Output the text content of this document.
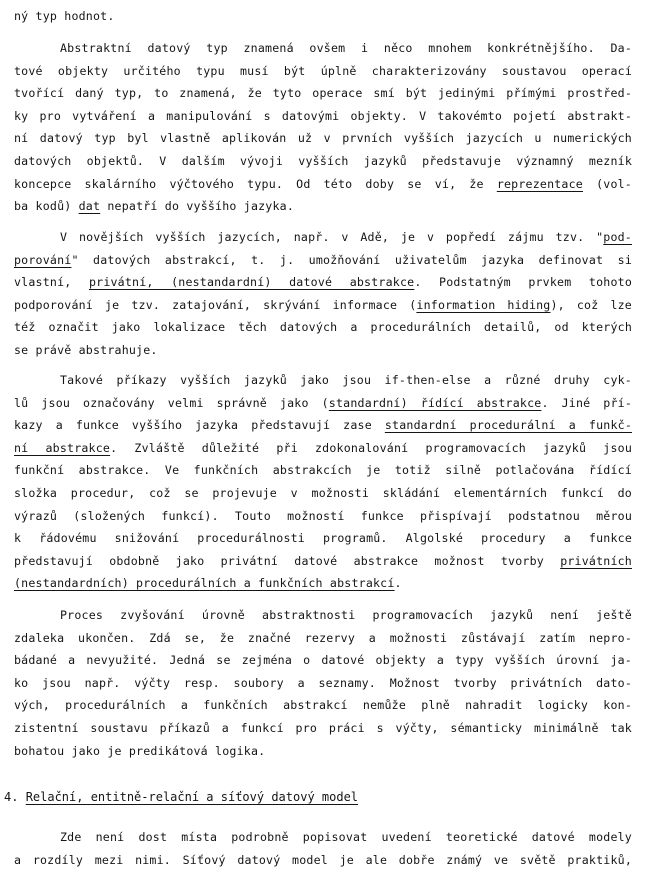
ný typ hodnot.

Abstraktní datový typ znamená ovšem i něco mnohem konkrétnějšího. Da-
tové objekty určitého typu musí být úplně charakterizovány soustavou operací
tvořící daný typ, to znamená, že tyto operace smí být jedinými přímými prostřed-
ky pro vytváření a manipulování s datovými objekty. V takovémto pojetí abstrakt-
ní datový typ byl vlastně aplikován už v prvních vyšších jazycích u numerických
datových objektů. V dalším vývoji vyšších jazyků představuje významný mezník
koncepce skalárního výčtového typu. Od této doby se ví, že reprezentace (vol-
ba kodů) dat nepatří do vyššího jazyka.

V novějších vyšších jazycích, např. v Adě, je v popředí zájmu tzv. "pod-
porování" datových abstrakcí, t. j. umožňování uživatelům jazyka definovat si
vlastní, privátní, (nestandardní) datové abstrakce. Podstatným prvkem tohoto
podporování je tzv. zatajování, skrývání informace (information hiding), což lze
též označit jako lokalizace těch datových a procedurálních detailů, od kterých
se právě abstrahuje.

Takové příkazy vyšších jazyků jako jsou if-then-else a různé druhy cyk-
lů jsou označovány velmi správně jako (standardní) řídící abstrakce. Jiné pří-
kazy a funkce vyššího jazyka představují zase standardní procedurální a funkč-
ní abstrakce. Zvláště důležité při zdokonalování programovacích jazyků jsou
funkční abstrakce. Ve funkčních abstrakcích je totiž silně potlačována řídící
složka procedur, což se projevuje v možnosti skládání elementárních funkcí do
výrazů (složených funkcí). Touto možností funkce přispívají podstatnou měrou
k řádovému snižování procedurálnosti programů. Algolské procedury a funkce
představují obdobně jako privátní datové abstrakce možnost tvorby privátních
(nestandardních) procedurálních a funkčních abstrakcí.

Proces zvyšování úrovně abstraktnosti programovacích jazyků není ještě
zdaleka ukončen. Zdá se, že značné rezervy a možnosti zůstávají zatím nepro-
bádané a nevyužité. Jedná se zejména o datové objekty a typy vyšších úrovní ja-
ko jsou např. výčty resp. soubory a seznamy. Možnost tvorby privátních dato-
vých, procedurálních a funkčních abstrakcí nemůže plně nahradit logicky kon-
zistentní soustavu příkazů a funkcí pro práci s výčty, sémanticky minimálně tak
bohatou jako je predikátová logika.

4. Relační, entitně-relační a síťový datový model

Zde není dost místa podrobně popisovat uvedení teoretické datové modely
a rozdíly mezi nimi. Síťový datový model je ale dobře známý ve světě praktiků,
